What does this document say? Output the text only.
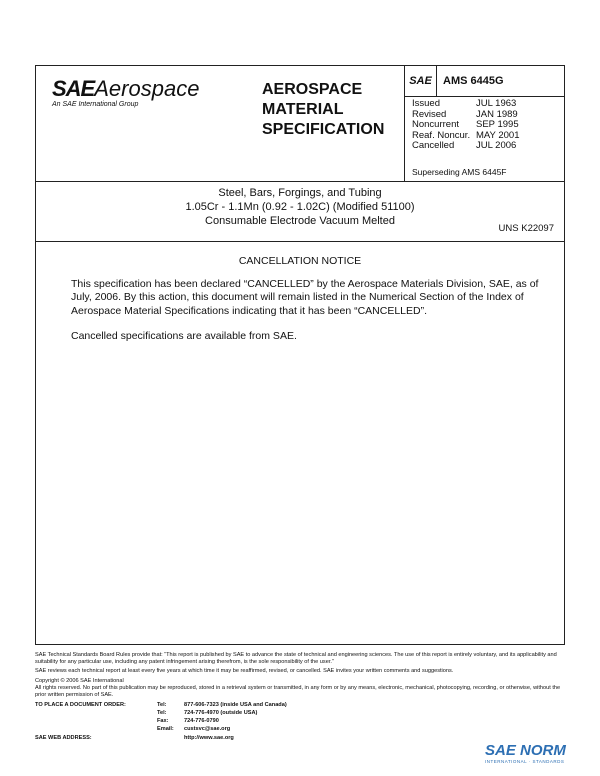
SAEAerospace
An SAE International Group
AEROSPACE
MATERIAL
SPECIFICATION
SAE	AMS 6445G
Issued	JUL 1963
Revised	JAN 1989
Noncurrent	SEP 1995
Reaf. Noncur. MAY 2001
Cancelled	JUL 2006
Superseding AMS 6445F
Steel, Bars, Forgings, and Tubing
1.05Cr - 1.1Mn (0.92 - 1.02C) (Modified 51100)
Consumable Electrode Vacuum Melted
UNS K22097
CANCELLATION NOTICE
This specification has been declared “CANCELLED” by the Aerospace Materials Division, SAE, as of July, 2006. By this action, this document will remain listed in the Numerical Section of the Index of Aerospace Material Specifications indicating that it has been “CANCELLED”.
Cancelled specifications are available from SAE.

SAE Technical Standards Board Rules provide that: “This report is published by SAE to advance the state of technical and engineering sciences. The use of this report is entirely voluntary, and its applicability and suitability for any particular use, including any patent infringement arising therefrom, is the sole responsibility of the user.”

SAE reviews each technical report at least every five years at which time it may be reaffirmed, revised, or cancelled. SAE invites your written comments and suggestions.

Copyright © 2006 SAE International

All rights reserved. No part of this publication may be reproduced, stored in a retrieval system or transmitted, in any form or by any means, electronic, mechanical, photocopying, recording, or otherwise, without the prior written permission of SAE.

TO PLACE A DOCUMENT ORDER:	Tel:	877-606-7323 (inside USA and Canada)
Tel:	724-776-4970 (outside USA)
Fax:	724-776-0790
Email:	custsvc@sae.org
SAE WEB ADDRESS:	http://www.sae.org
SAE NORM
INTERNATIONAL · STANDARDS
